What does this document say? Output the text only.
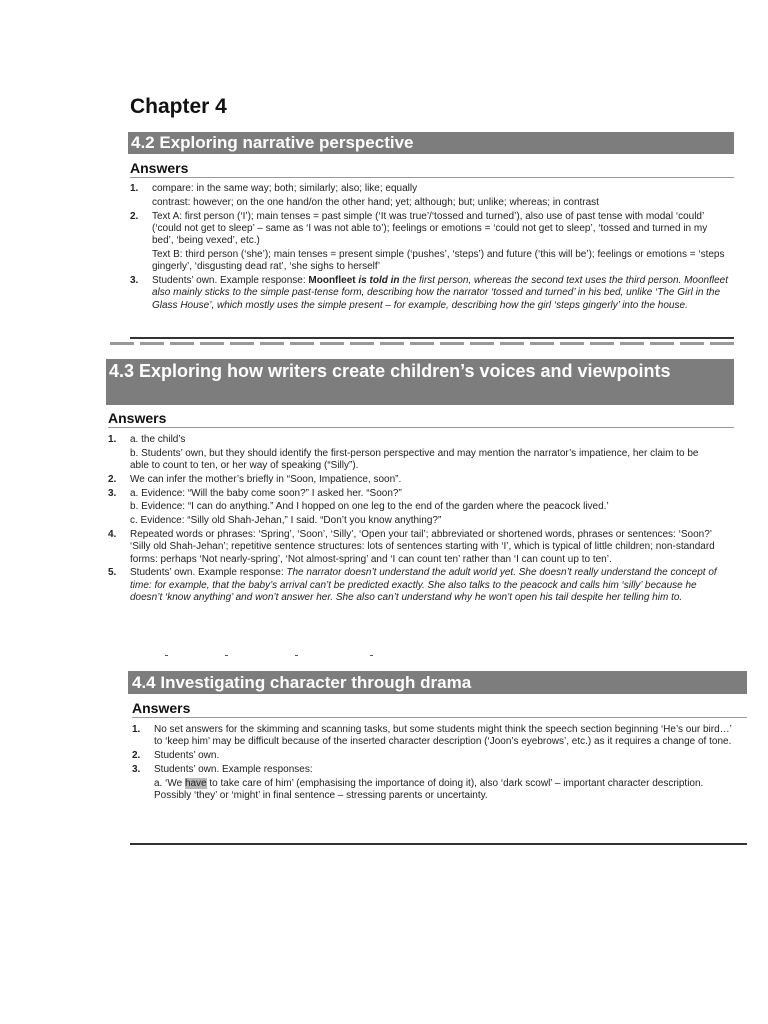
Chapter 4
4.2 Exploring narrative perspective
Answers
1. compare: in the same way; both; similarly; also; like; equally
contrast: however; on the one hand/on the other hand; yet; although; but; unlike; whereas; in contrast
2. Text A: first person (‘I’); main tenses = past simple (‘It was true’/‘tossed and turned’), also use of past tense with modal ‘could’ (‘could not get to sleep’ – same as ‘I was not able to’); feelings or emotions = ‘could not get to sleep’, ‘tossed and turned in my bed’, ‘being vexed’, etc.)
Text B: third person (‘she’); main tenses = present simple (‘pushes’, ‘steps’) and future (‘this will be’); feelings or emotions = ‘steps gingerly’, ‘disgusting dead rat’, ‘she sighs to herself’
3. Students’ own. Example response: Moonfleet is told in the first person, whereas the second text uses the third person. Moonfleet also mainly sticks to the simple past-tense form, describing how the narrator ‘tossed and turned’ in his bed, unlike ‘The Girl in the Glass House’, which mostly uses the simple present – for example, describing how the girl ‘steps gingerly’ into the house.
4.3 Exploring how writers create children’s voices and viewpoints
Answers
1. a. the child’s
b. Students’ own, but they should identify the first-person perspective and may mention the narrator’s impatience, her claim to be able to count to ten, or her way of speaking (“Silly”).
2. We can infer the mother’s briefly in “Soon, Impatience, soon”.
3. a. Evidence: “Will the baby come soon?” I asked her. “Soon?”
b. Evidence: “I can do anything.” And I hopped on one leg to the end of the garden where the peacock lived.’
c. Evidence: “Silly old Shah-Jehan,” I said. “Don’t you know anything?”
4. Repeated words or phrases: ‘Spring’, ‘Soon’, ‘Silly’, ‘Open your tail’; abbreviated or shortened words, phrases or sentences: ‘Soon?’ ‘Silly old Shah-Jehan’; repetitive sentence structures: lots of sentences starting with ‘I’, which is typical of little children; non-standard forms: perhaps ‘Not nearly-spring’, ‘Not almost-spring’ and ‘I can count ten’ rather than ‘I can count up to ten’.
5. Students’ own. Example response: The narrator doesn’t understand the adult world yet. She doesn’t really understand the concept of time: for example, that the baby’s arrival can’t be predicted exactly. She also talks to the peacock and calls him ‘silly’ because he doesn’t ‘know anything’ and won’t answer her. She also can’t understand why he won’t open his tail despite her telling him to.
4.4 Investigating character through drama
Answers
1. No set answers for the skimming and scanning tasks, but some students might think the speech section beginning ‘He’s our bird…’ to ‘keep him’ may be difficult because of the inserted character description (‘Joon’s eyebrows’, etc.) as it requires a change of tone.
2. Students’ own.
3. Students’ own. Example responses:
a. ‘We have to take care of him’ (emphasising the importance of doing it), also ‘dark scowl’ – important character description. Possibly ‘they’ or ‘might’ in final sentence – stressing parents or uncertainty.
